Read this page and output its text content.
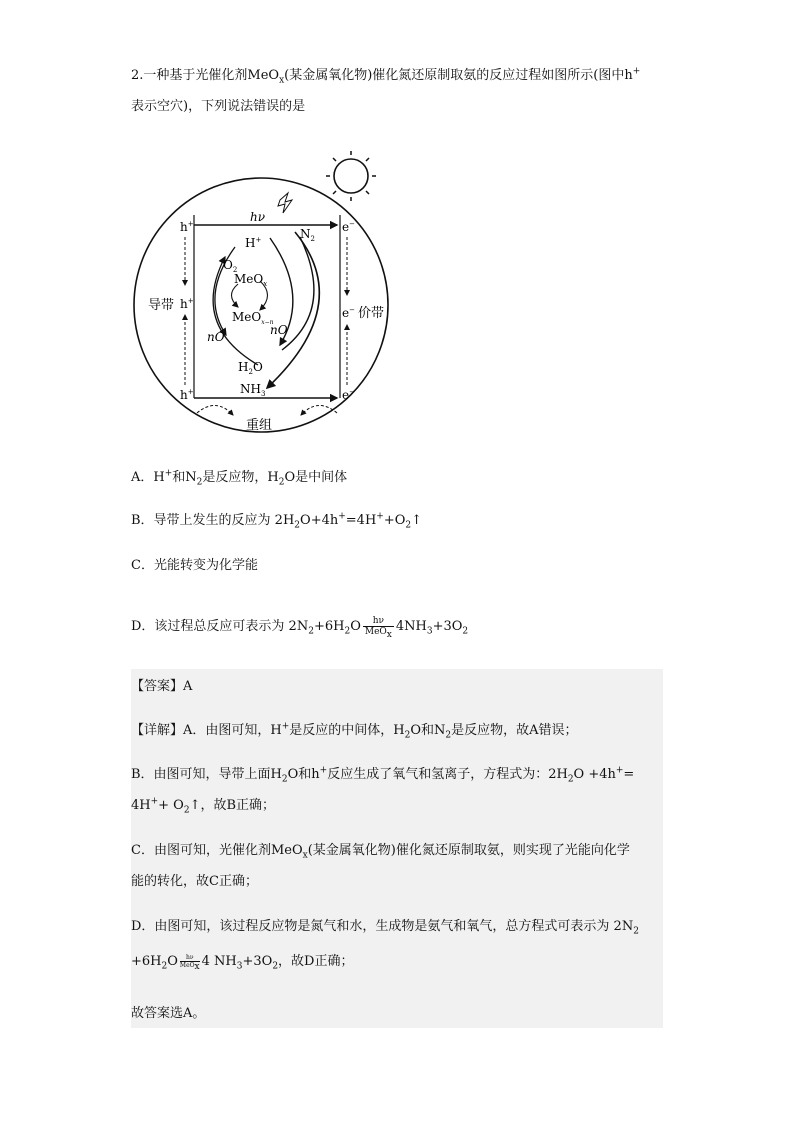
2.一种基于光催化剂MeO$_x$(某金属氧化物)催化氮还原制取氨的反应过程如图所示(图中h+
表示空穴)，下列说法错误的是
hν
h+
h+
h+
e−
e−
e−
导带
价带
重组
H+	$N_2$
$O_2$
MeO$_x$
MeO$_{x-n}$
nO
nO
$H_2O$
$NH_3$
A．H+和$N_2$是反应物，$H_2O$是中间体
B．导带上发生的反应为 $2H_2O+4h^+=4H^++O_2↑$
C．光能转变为化学能
D．该过程总反应可表示为 $2N_2+6H_2O$	hν
MeO$_x$
$4NH_3+3O_2$
【答案】A
【详解】A．由图可知，H+是反应的中间体，$H_2O$和$N_2$是反应物，故A错误；
B．由图可知，导带上面$H_2O$和h+反应生成了氧气和氢离子，方程式为：$2H_2O +4h^+=$
$4H^++ O_2↑$，故B正确；
C．由图可知，光催化剂MeO$_x$(某金属氧化物)催化氮还原制取氨，则实现了光能向化学
能的转化，故C正确；
D．由图可知，该过程反应物是氮气和水，生成物是氨气和氧气，总方程式可表示为 $2N_2$
$+6H_2O$	hν
MeO$_x$ 4 $NH_3+3O_2$，故D正确；
故答案选A。
